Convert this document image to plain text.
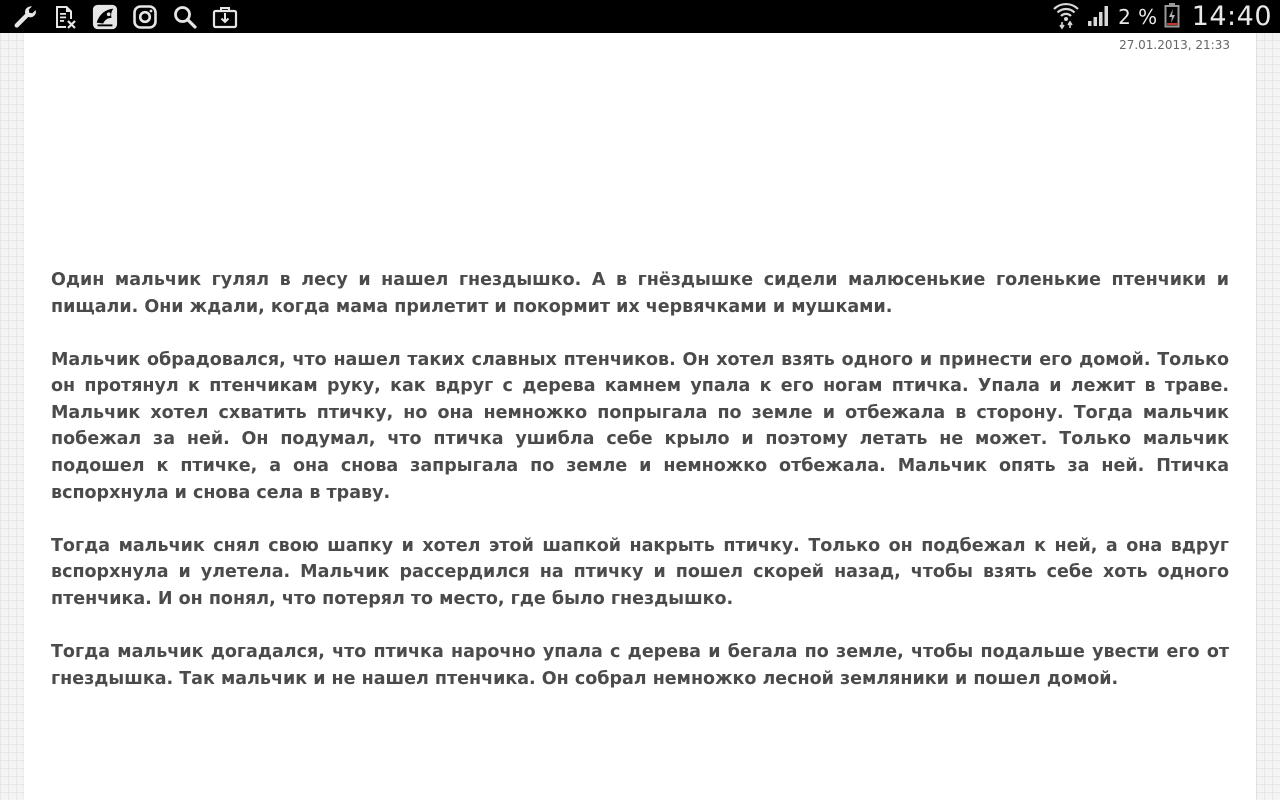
2 % 14:40
27.01.2013, 21:33

Один мальчик гулял в лесу и нашел гнездышко. А в гнёздышке сидели малюсенькие голенькие птенчики и пищали. Они ждали, когда мама прилетит и покормит их червячками и мушками.

Мальчик обрадовался, что нашел таких славных птенчиков. Он хотел взять одного и принести его домой. Только он протянул к птенчикам руку, как вдруг с дерева камнем упала к его ногам птичка. Упала и лежит в траве. Мальчик хотел схватить птичку, но она немножко попрыгала по земле и отбежала в сторону. Тогда мальчик побежал за ней. Он подумал, что птичка ушибла себе крыло и поэтому летать не может. Только мальчик подошел к птичке, а она снова запрыгала по земле и немножко отбежала. Мальчик опять за ней. Птичка вспорхнула и снова села в траву.

Тогда мальчик снял свою шапку и хотел этой шапкой накрыть птичку. Только он подбежал к ней, а она вдруг вспорхнула и улетела. Мальчик рассердился на птичку и пошел скорей назад, чтобы взять себе хоть одного птенчика. И он понял, что потерял то место, где было гнездышко.

Тогда мальчик догадался, что птичка нарочно упала с дерева и бегала по земле, чтобы подальше увести его от гнездышка. Так мальчик и не нашел птенчика. Он собрал немножко лесной земляники и пошел домой.
